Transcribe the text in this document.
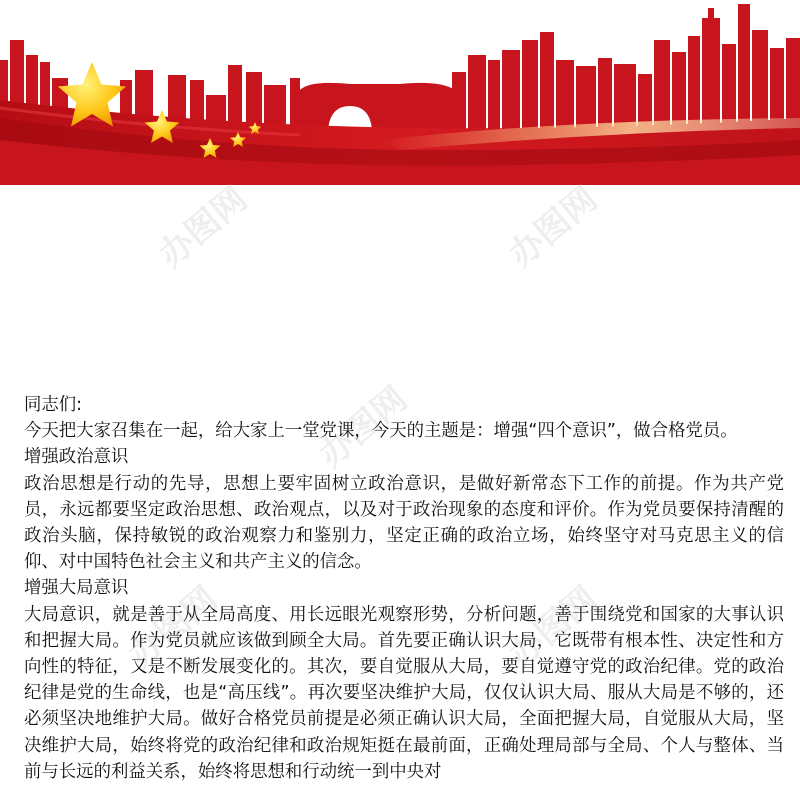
办图网	办图网
办图网
办图网	办图网

同志们:

今天把大家召集在一起，给大家上一堂党课，今天的主题是：增强“四个意识”，做合格党员。

增强政治意识

政治思想是行动的先导，思想上要牢固树立政治意识，是做好新常态下工作的前提。作为共产党员，永远都要坚定政治思想、政治观点，以及对于政治现象的态度和评价。作为党员要保持清醒的政治头脑，保持敏锐的政治观察力和鉴别力，坚定正确的政治立场，始终坚守对马克思主义的信仰、对中国特色社会主义和共产主义的信念。

增强大局意识

大局意识，就是善于从全局高度、用长远眼光观察形势，分析问题，善于围绕党和国家的大事认识和把握大局。作为党员就应该做到顾全大局。首先要正确认识大局，它既带有根本性、决定性和方向性的特征，又是不断发展变化的。其次，要自觉服从大局，要自觉遵守党的政治纪律。党的政治纪律是党的生命线，也是“高压线”。再次要坚决维护大局，仅仅认识大局、服从大局是不够的，还必须坚决地维护大局。做好合格党员前提是必须正确认识大局，全面把握大局，自觉服从大局，坚决维护大局，始终将党的政治纪律和政治规矩挺在最前面，正确处理局部与全局、个人与整体、当前与长远的利益关系，始终将思想和行动统一到中央对
